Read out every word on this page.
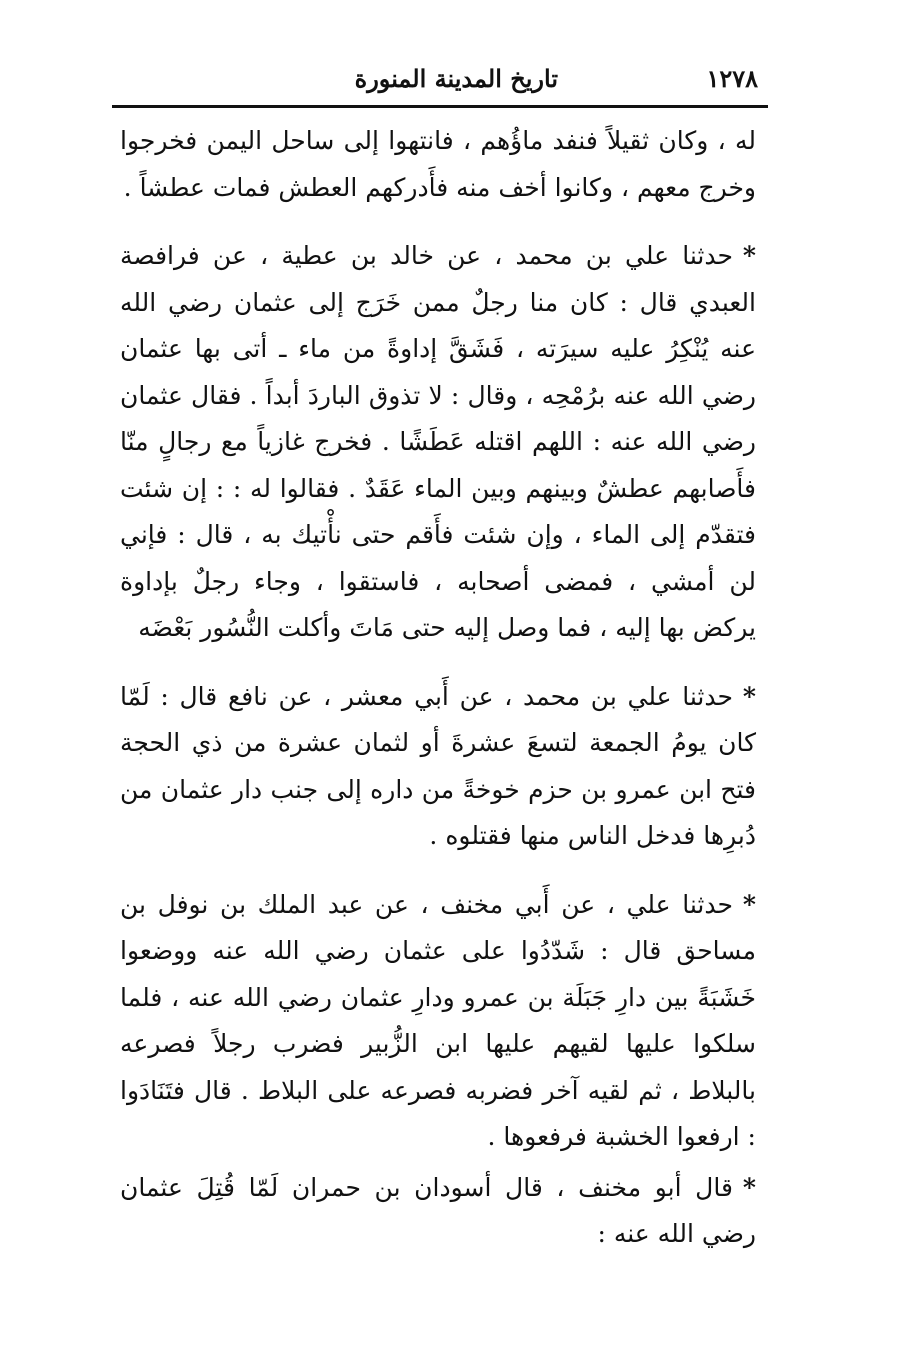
١٢٧٨
تاريخ المدينة المنورة

له ، وكان ثقيلاً فنفد ماؤُهم ، فانتهوا إلى ساحل اليمن فخرجوا وخرج معهم ، وكانوا أخف منه فأَدركهم العطش فمات عطشاً .

*حدثنا علي بن محمد ، عن خالد بن عطية ، عن فرافصة العبدي قال : كان منا رجلٌ ممن خَرَج إلى عثمان رضي الله عنه يُنْكِرُ عليه سيرَته ، فَشَقَّ إداوةً من ماء ـ أتى بها عثمان رضي الله عنه برُمْحِه ، وقال : لا تذوق الباردَ أبداً . فقال عثمان رضي الله عنه : اللهم اقتله عَطَشًا . فخرج غازياً مع رجالٍ منّا فأَصابهم عطشٌ وبينهم وبين الماء عَقَدٌ . فقالوا له : : إن شئت فتقدّم إلى الماء ، وإن شئت فأَقم حتى نأْتيك به ، قال : فإني لن أمشي ، فمضى أصحابه ، فاستقوا ، وجاء رجلٌ بإداوة يركض بها إليه ، فما وصل إليه حتى مَاتَ وأكلت النُّسُور بَعْضَه

*حدثنا علي بن محمد ، عن أَبي معشر ، عن نافع قال : لَمّا كان يومُ الجمعة لتسعَ عشرةَ أو لثمان عشرة من ذي الحجة فتح ابن عمرو بن حزم خوخةً من داره إلى جنب دار عثمان من دُبرِها فدخل الناس منها فقتلوه .

*حدثنا علي ، عن أَبي مخنف ، عن عبد الملك بن نوفل بن مساحق قال : شَدّدُوا على عثمان رضي الله عنه ووضعوا خَشَبَةً بين دارِ جَبَلَة بن عمرو ودارِ عثمان رضي الله عنه ، فلما سلكوا عليها لقيهم عليها ابن الزُّبير فضرب رجلاً فصرعه بالبلاط ، ثم لقيه آخر فضربه فصرعه على البلاط . قال فتَنَادَوا : ارفعوا الخشبة فرفعوها .

*قال أبو مخنف ، قال أسودان بن حمران لَمّا قُتِلَ عثمان رضي الله عنه :
